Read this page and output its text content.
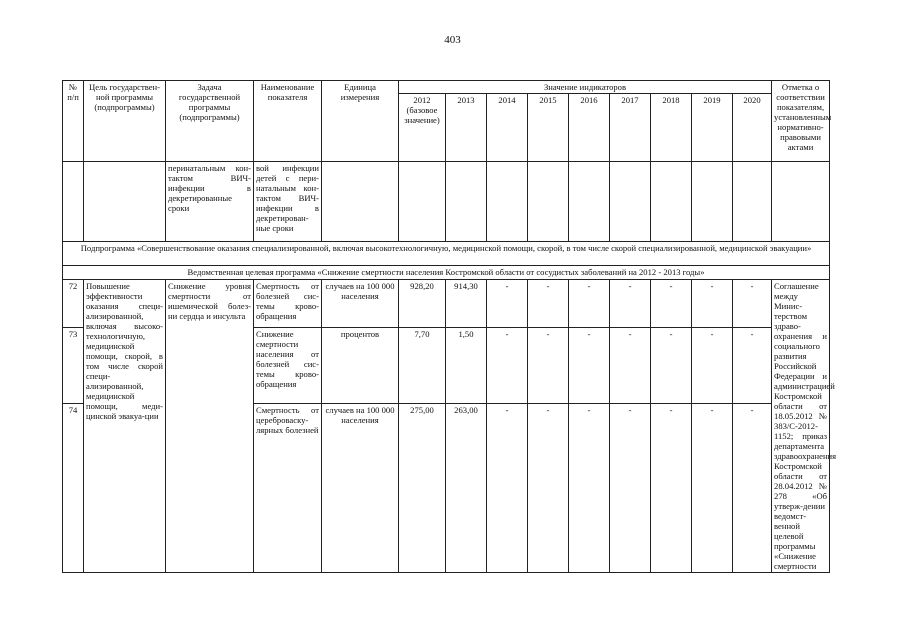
403
№ п/п	Цель государствен-ной программы (подпрограммы)	Задача государственной программы (подпрограммы)	Наименование показателя	Единица измерения	Значение индикаторов									Отметка о соответствии показателям, установленным нормативно-правовыми актами
					2012 (базовое значение)	2013	2014	2015	2016	2017	2018	2019	2020	
		перинатальным кон-тактом ВИЧ-инфекции в декретированные сроки	вой инфекции детей с пери-натальным кон-тактом ВИЧ-инфекции в декретирован-ные сроки											
Подпрограмма «Совершенствование оказания специализированной, включая высокотехнологичную, медицинской помощи, скорой, в том числе скорой специализированной, медицинской эвакуации»														
Ведомственная целевая программа «Снижение смертности населения Костромской области от сосудистых заболеваний на 2012 - 2013 годы»														
72	Повышение эффективности оказания специ-ализированной, включая высоко-технологичную, медицинской помощи, скорой, в том числе скорой специ-ализированной, медицинской помощи, меди-цинской эвакуа-ции	Снижение уровня смертности от ишемической болез-ни сердца и инсульта	Смертность от болезней сис-темы крово-обращения	случаев на 100 000 населения	928,20	914,30	-	-	-	-	-	-	-	Соглашение между Минис-терством здраво-охранения и социального развития Российской Федерации и администрацией Костромской области от 18.05.2012 № 383/С-2012-1152; приказ департамента здравоохранения Костромской области от 28.04.2012 № 278 «Об утверж-дении ведомст-венной целевой программы «Снижение смертности
73			Снижение смертности населения от болезней сис-темы крово-обращения	процентов	7,70	1,50	-	-	-	-	-	-	-	
74			Смертность от цереброваску-лярных болезней	случаев на 100 000 населения	275,00	263,00	-	-	-	-	-	-	-	
